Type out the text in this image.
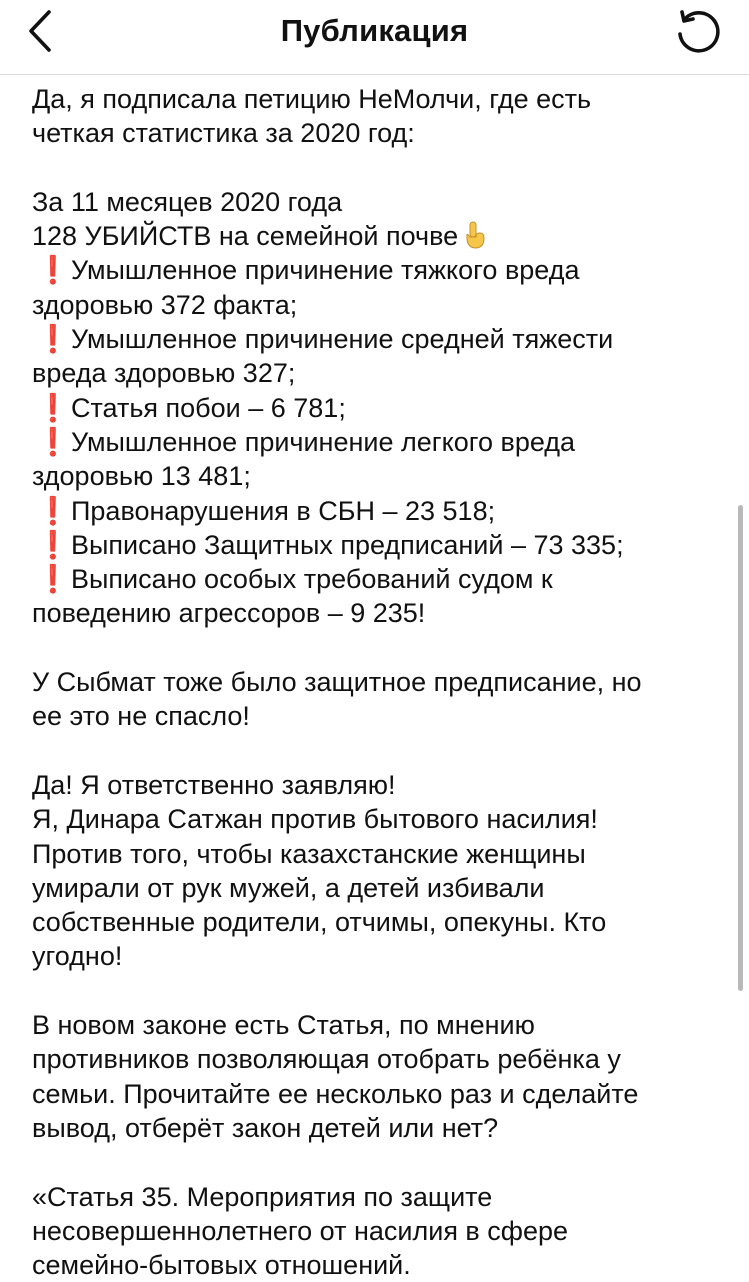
Публикация
Да, я подписала петицию НеМолчи, где есть
четкая статистика за 2020 год:
За 11 месяцев 2020 года
128 УБИЙСТВ на семейной почве
❗Умышленное причинение тяжкого вреда
здоровью 372 факта;
❗Умышленное причинение средней тяжести
вреда здоровью 327;
❗Статья побои – 6 781;
❗Умышленное причинение легкого вреда
здоровью 13 481;
❗Правонарушения в СБН – 23 518;
❗Выписано Защитных предписаний – 73 335;
❗Выписано особых требований судом к
поведению агрессоров – 9 235!
У Сыбмат тоже было защитное предписание, но
ее это не спасло!
Да! Я ответственно заявляю!
Я, Динара Сатжан против бытового насилия!
Против того, чтобы казахстанские женщины
умирали от рук мужей, а детей избивали
собственные родители, отчимы, опекуны. Кто
угодно!
В новом законе есть Статья, по мнению
противников позволяющая отобрать ребёнка у
семьи. Прочитайте ее несколько раз и сделайте
вывод, отберёт закон детей или нет?
«Статья 35. Мероприятия по защите
несовершеннолетнего от насилия в сфере
семейно-бытовых отношений.
